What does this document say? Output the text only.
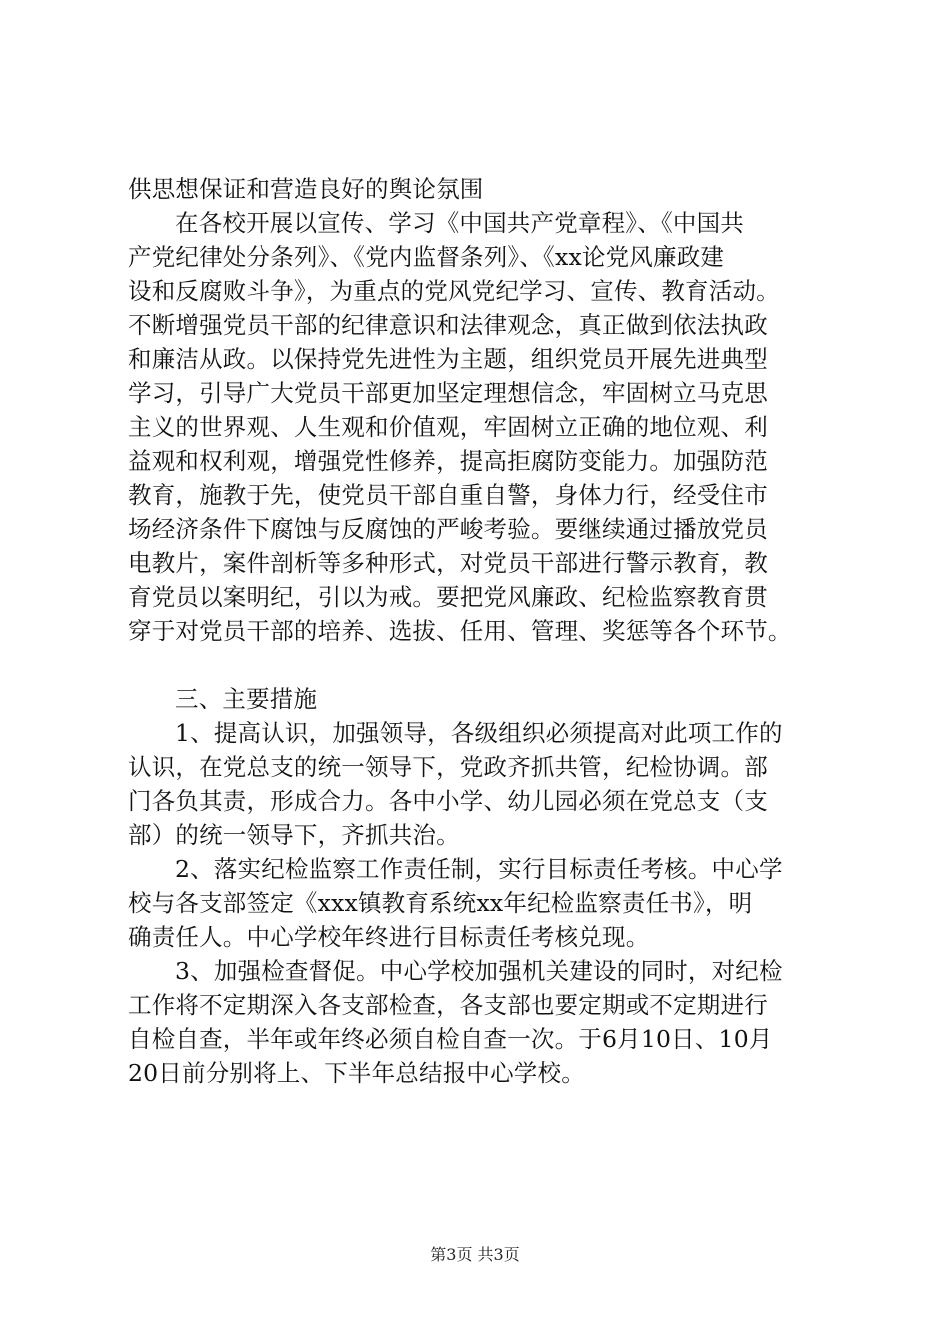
供思想保证和营造良好的舆论氛围
在各校开展以宣传、学习《中国共产党章程》、《中国共
产党纪律处分条列》、《党内监督条列》、《xx论党风廉政建
设和反腐败斗争》，为重点的党风党纪学习、宣传、教育活动。
不断增强党员干部的纪律意识和法律观念，真正做到依法执政
和廉洁从政。以保持党先进性为主题，组织党员开展先进典型
学习，引导广大党员干部更加坚定理想信念，牢固树立马克思
主义的世界观、人生观和价值观，牢固树立正确的地位观、利
益观和权利观，增强党性修养，提高拒腐防变能力。加强防范
教育，施教于先，使党员干部自重自警，身体力行，经受住市
场经济条件下腐蚀与反腐蚀的严峻考验。要继续通过播放党员
电教片，案件剖析等多种形式，对党员干部进行警示教育，教
育党员以案明纪，引以为戒。要把党风廉政、纪检监察教育贯
穿于对党员干部的培养、选拔、任用、管理、奖惩等各个环节。
三、主要措施
1、提高认识，加强领导，各级组织必须提高对此项工作的
认识，在党总支的统一领导下，党政齐抓共管，纪检协调。部
门各负其责，形成合力。各中小学、幼儿园必须在党总支（支
部）的统一领导下，齐抓共治。
2、落实纪检监察工作责任制，实行目标责任考核。中心学
校与各支部签定《xxx镇教育系统xx年纪检监察责任书》，明
确责任人。中心学校年终进行目标责任考核兑现。
3、加强检查督促。中心学校加强机关建设的同时，对纪检
工作将不定期深入各支部检查，各支部也要定期或不定期进行
自检自查，半年或年终必须自检自查一次。于6月10日、10月
20日前分别将上、下半年总结报中心学校。
第3页 共3页
